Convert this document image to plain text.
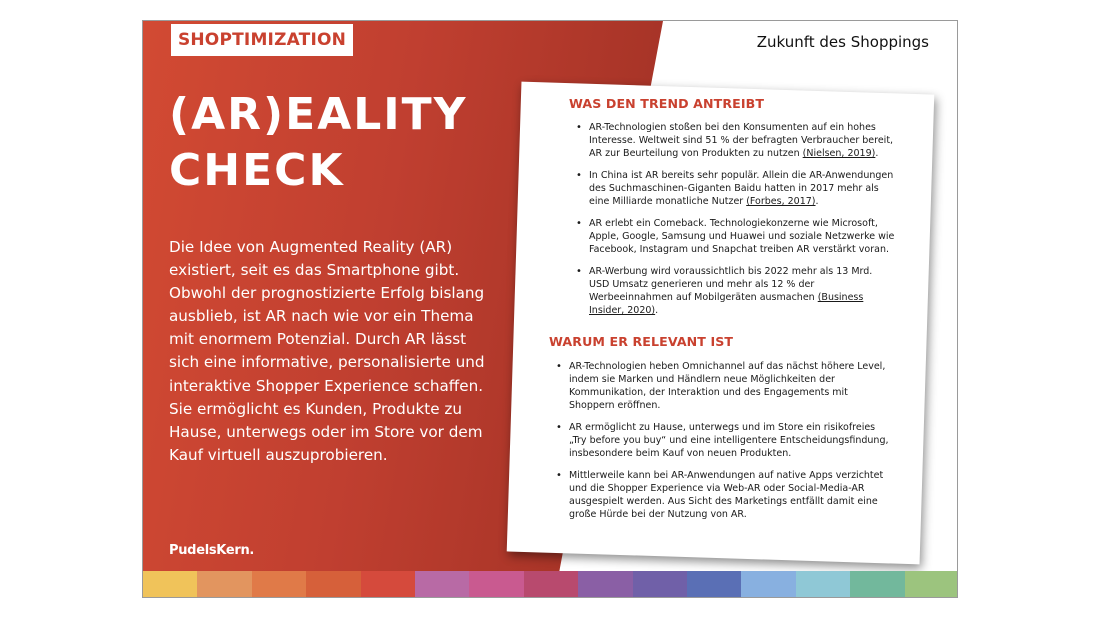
SHOPTIMIZATION	Zukunft des Shoppings
(AR)EALITY
CHECK

Die Idee von Augmented Reality (AR) existiert, seit es das Smartphone gibt. Obwohl der prognostizierte Erfolg bislang ausblieb, ist AR nach wie vor ein Thema mit enormem Potenzial. Durch AR lässt sich eine informative, personalisierte und interaktive Shopper Experience schaffen. Sie ermöglicht es Kunden, Produkte zu Hause, unterwegs oder im Store vor dem Kauf virtuell auszuprobieren.

PudelsKern.
WAS DEN TREND ANTREIBT
• AR-Technologien stoßen bei den Konsumenten auf ein hohes Interesse. Weltweit sind 51 % der befragten Verbraucher bereit, AR zur Beurteilung von Produkten zu nutzen (Nielsen, 2019).
• In China ist AR bereits sehr populär. Allein die AR-Anwendungen des Suchmaschinen-Giganten Baidu hatten in 2017 mehr als eine Milliarde monatliche Nutzer (Forbes, 2017).
• AR erlebt ein Comeback. Technologiekonzerne wie Microsoft, Apple, Google, Samsung und Huawei und soziale Netzwerke wie Facebook, Instagram und Snapchat treiben AR verstärkt voran.
• AR-Werbung wird voraussichtlich bis 2022 mehr als 13 Mrd. USD Umsatz generieren und mehr als 12 % der Werbeeinnahmen auf Mobilgeräten ausmachen (Business Insider, 2020).
WARUM ER RELEVANT IST
• AR-Technologien heben Omnichannel auf das nächst höhere Level, indem sie Marken und Händlern neue Möglichkeiten der Kommunikation, der Interaktion und des Engagements mit Shoppern eröffnen.
• AR ermöglicht zu Hause, unterwegs und im Store ein risikofreies „Try before you buy“ und eine intelligentere Entscheidungsfindung, insbesondere beim Kauf von neuen Produkten.
• Mittlerweile kann bei AR-Anwendungen auf native Apps verzichtet und die Shopper Experience via Web-AR oder Social-Media-AR ausgespielt werden. Aus Sicht des Marketings entfällt damit eine große Hürde bei der Nutzung von AR.
